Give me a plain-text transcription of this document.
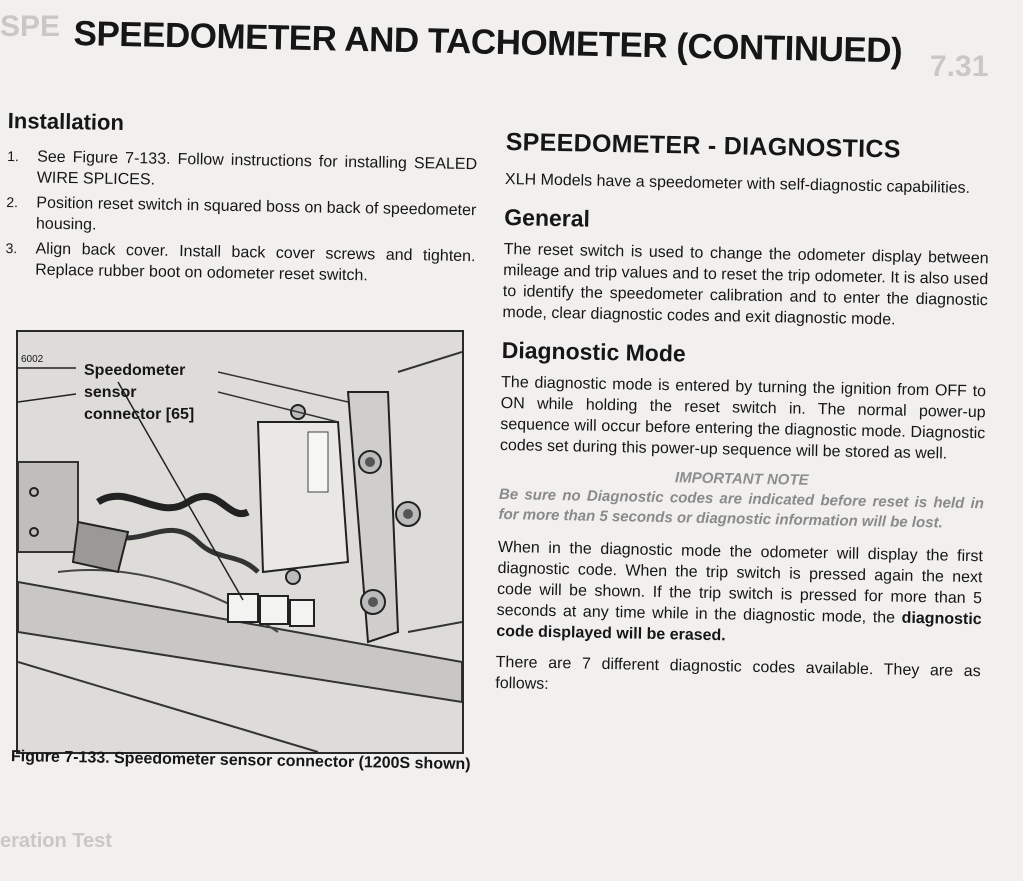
SPE
7.31
eration Test
SPEEDOMETER AND TACHOMETER (CONTINUED)
Installation
1. See Figure 7-133. Follow instructions for installing SEALED WIRE SPLICES.
2. Position reset switch in squared boss on back of speedometer housing.
3. Align back cover. Install back cover screws and tighten. Replace rubber boot on odometer reset switch.
6002
Speedometer
sensor
connector [65]
Figure 7-133. Speedometer sensor connector (1200S shown)
SPEEDOMETER - DIAGNOSTICS

XLH Models have a speedometer with self-diagnostic capabilities.

General

The reset switch is used to change the odometer display between mileage and trip values and to reset the trip odometer. It is also used to identify the speedometer calibration and to enter the diagnostic mode, clear diagnostic codes and exit diagnostic mode.

Diagnostic Mode

The diagnostic mode is entered by turning the ignition from OFF to ON while holding the reset switch in. The normal power-up sequence will occur before entering the diagnostic mode. Diagnostic codes set during this power-up sequence will be stored as well.

IMPORTANT NOTE
Be sure no Diagnostic codes are indicated before reset is held in for more than 5 seconds or diagnostic information will be lost.

When in the diagnostic mode the odometer will display the first diagnostic code. When the trip switch is pressed again the next code will be shown. If the trip switch is pressed for more than 5 seconds at any time while in the diagnostic mode, the diagnostic code displayed will be erased.

There are 7 different diagnostic codes available. They are as follows:
